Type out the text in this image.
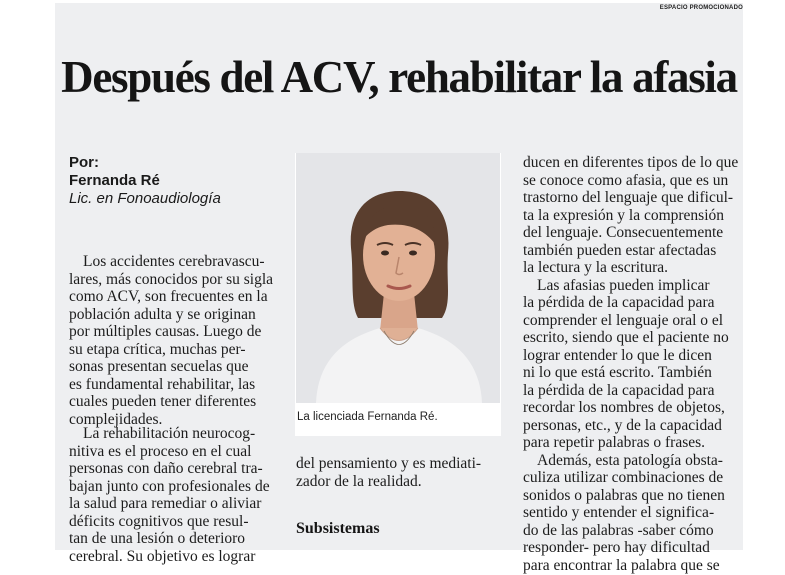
ESPACIO PROMOCIONADO
Después del ACV, rehabilitar la afasia
Por:
Fernanda Ré
Lic. en Fonoaudiología
Los accidentes cerebravascu-
lares, más conocidos por su sigla
como ACV, son frecuentes en la
población adulta y se originan
por múltiples causas. Luego de
su etapa crítica, muchas per-
sonas presentan secuelas que
es fundamental rehabilitar, las
cuales pueden tener diferentes
complejidades.
La rehabilitación neurocog-
nitiva es el proceso en el cual
personas con daño cerebral tra-
bajan junto con profesionales de
la salud para remediar o aliviar
déficits cognitivos que resul-
tan de una lesión o deterioro
cerebral. Su objetivo es lograr
La licenciada Fernanda Ré.
del pensamiento y es mediati-
zador de la realidad.
Subsistemas
ducen en diferentes tipos de lo que
se conoce como afasia, que es un
trastorno del lenguaje que dificul-
ta la expresión y la comprensión
del lenguaje. Consecuentemente
también pueden estar afectadas
la lectura y la escritura.
Las afasias pueden implicar
la pérdida de la capacidad para
comprender el lenguaje oral o el
escrito, siendo que el paciente no
logrаr entender lo que le dicen
ni lo que está escrito. También
la pérdida de la capacidad para
recordar los nombres de objetos,
personas, etc., y de la capacidad
para repetir palabras o frases.
Además, esta patología obsta-
culiza utilizar combinaciones de
sonidos o palabras que no tienen
sentido y entender el significa-
do de las palabras -saber cómo
responder- pero hay dificultad
para encontrar la palabra que se
